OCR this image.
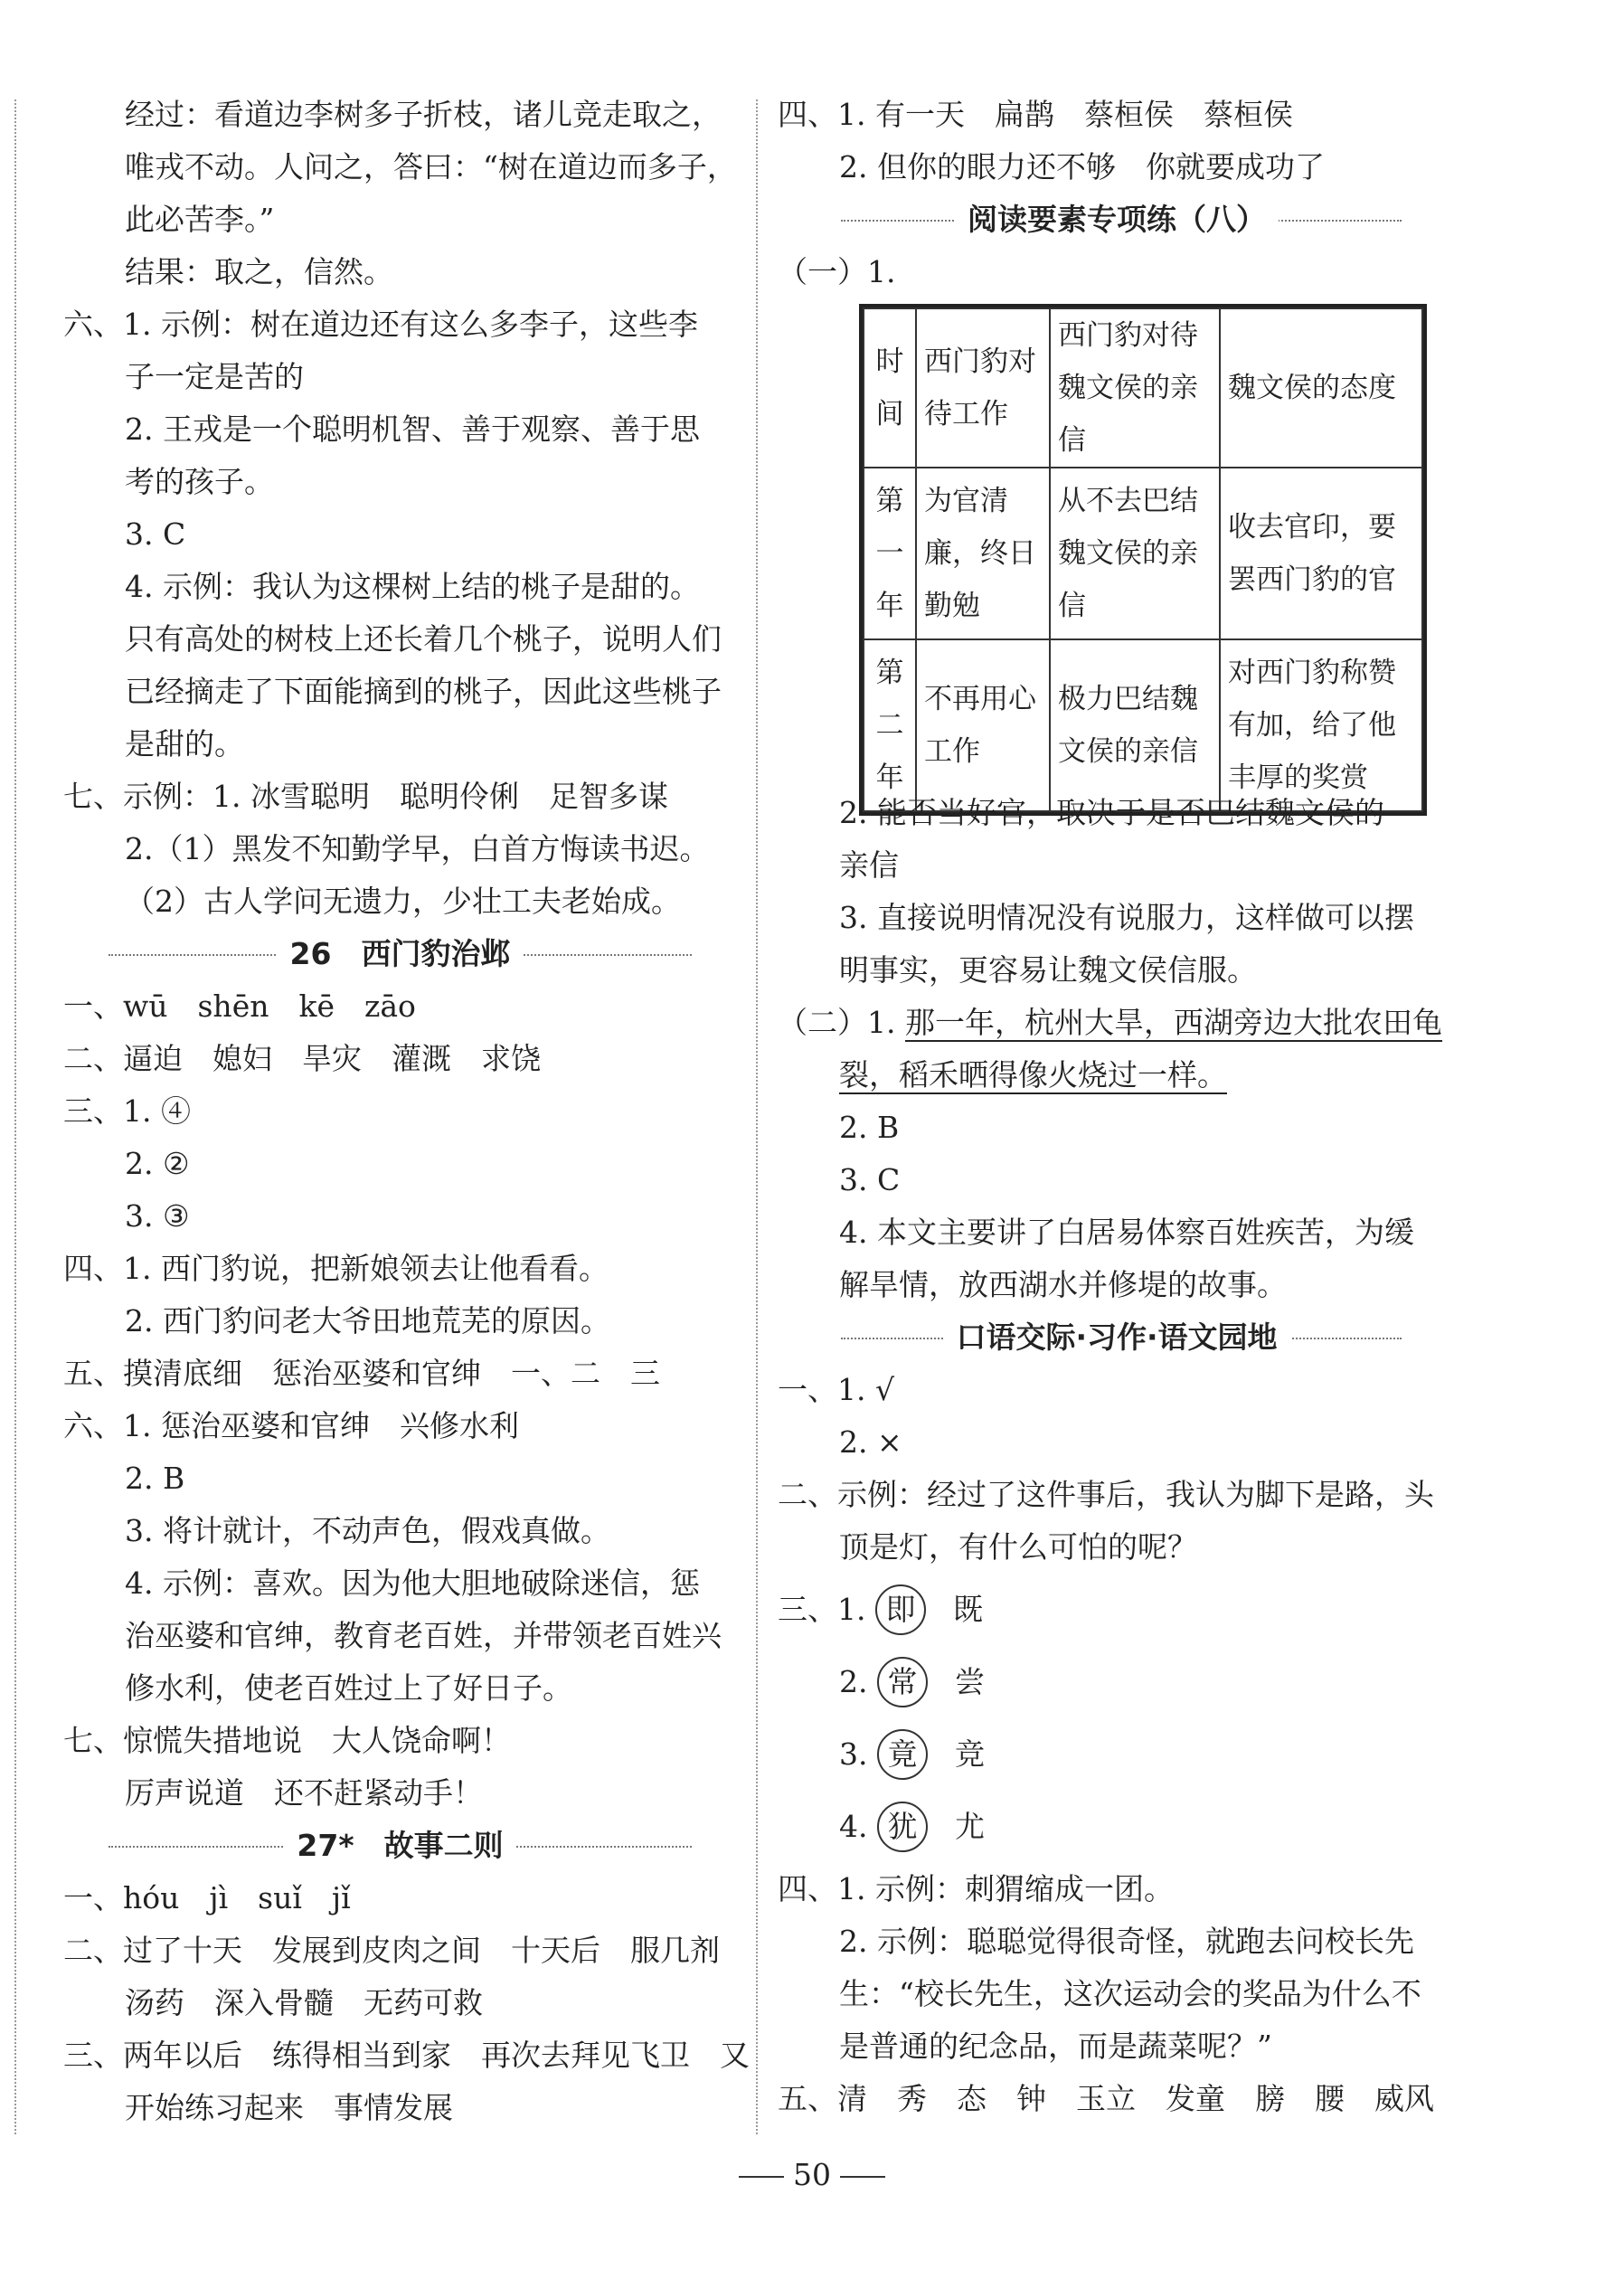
经过：看道边李树多子折枝，诸儿竞走取之，
唯戎不动。人问之，答曰：“树在道边而多子，
此必苦李。”
结果：取之，信然。
六、1. 示例：树在道边还有这么多李子，这些李
子一定是苦的
2. 王戎是一个聪明机智、善于观察、善于思
考的孩子。
3. C
4. 示例：我认为这棵树上结的桃子是甜的。
只有高处的树枝上还长着几个桃子，说明人们
已经摘走了下面能摘到的桃子，因此这些桃子
是甜的。
七、示例：1. 冰雪聪明　聪明伶俐　足智多谋
2.（1）黑发不知勤学早，白首方悔读书迟。
（2）古人学问无遗力，少壮工夫老始成。
26　西门豹治邺
一、wū　shēn　kē　zāo
二、逼迫　媳妇　旱灾　灌溉　求饶
三、1. ④
2. ②
3. ③
四、1. 西门豹说，把新娘领去让他看看。
2. 西门豹问老大爷田地荒芜的原因。
五、摸清底细　惩治巫婆和官绅　一、二　三
六、1. 惩治巫婆和官绅　兴修水利
2. B
3. 将计就计，不动声色，假戏真做。
4. 示例：喜欢。因为他大胆地破除迷信，惩
治巫婆和官绅，教育老百姓，并带领老百姓兴
修水利，使老百姓过上了好日子。
七、惊慌失措地说　大人饶命啊！
厉声说道　还不赶紧动手！
27*　故事二则
一、hóu　jì　suǐ　jǐ
二、过了十天　发展到皮肉之间　十天后　服几剂
汤药　深入骨髓　无药可救
三、两年以后　练得相当到家　再次去拜见飞卫　又
开始练习起来　事情发展
四、1. 有一天　扁鹊　蔡桓侯　蔡桓侯
2. 但你的眼力还不够　你就要成功了
阅读要素专项练（八）
（一）1.
时间	西门豹对待工作	西门豹对待魏文侯的亲信	魏文侯的态度
第一年	为官清廉，终日勤勉	从不去巴结魏文侯的亲信	收去官印，要罢西门豹的官
第二年	不再用心工作	极力巴结魏文侯的亲信	对西门豹称赞有加，给了他丰厚的奖赏
2. 能否当好官，取决于是否巴结魏文侯的
亲信
3. 直接说明情况没有说服力，这样做可以摆
明事实，更容易让魏文侯信服。
（二）1. 那一年，杭州大旱，西湖旁边大批农田龟
裂，稻禾晒得像火烧过一样。
2. B
3. C
4. 本文主要讲了白居易体察百姓疾苦，为缓
解旱情，放西湖水并修堤的故事。
口语交际·习作·语文园地
一、1. √
2. ×
二、示例：经过了这件事后，我认为脚下是路，头
顶是灯，有什么可怕的呢？
三、1. 即 既
2. 常 尝
3. 竟 竞
4. 犹 尤
四、1. 示例：刺猬缩成一团。
2. 示例：聪聪觉得很奇怪，就跑去问校长先
生：“校长先生，这次运动会的奖品为什么不
是普通的纪念品，而是蔬菜呢？”
五、清　秀　态　钟　玉立　发童　膀　腰　威风
50
